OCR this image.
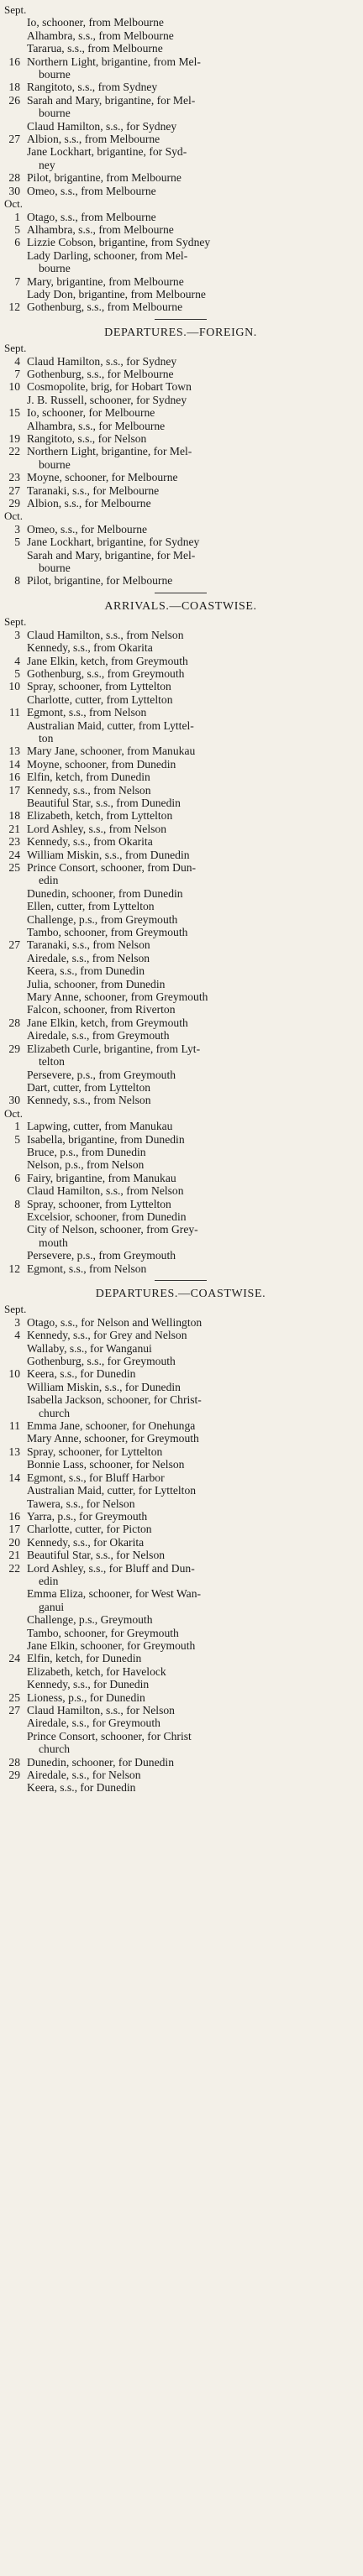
Sept.
Io, schooner, from Melbourne
Alhambra, s.s., from Melbourne
Tararua, s.s., from Melbourne
16 Northern Light, brigantine, from Mel-
bourne
18 Rangitoto, s.s., from Sydney
26 Sarah and Mary, brigantine, for Mel-
bourne
Claud Hamilton, s.s., for Sydney
27 Albion, s.s., from Melbourne
Jane Lockhart, brigantine, for Syd-
ney
28 Pilot, brigantine, from Melbourne
30 Omeo, s.s., from Melbourne
Oct.
1 Otago, s.s., from Melbourne
5 Alhambra, s.s., from Melbourne
6 Lizzie Cobson, brigantine, from Sydney
Lady Darling, schooner, from Mel-
bourne
7 Mary, brigantine, from Melbourne
Lady Don, brigantine, from Melbourne
12 Gothenburg, s.s., from Melbourne
DEPARTURES.—FOREIGN.
Sept.
4 Claud Hamilton, s.s., for Sydney
7 Gothenburg, s.s., for Melbourne
10 Cosmopolite, brig, for Hobart Town
J. B. Russell, schooner, for Sydney
15 Io, schooner, for Melbourne
Alhambra, s.s., for Melbourne
19 Rangitoto, s.s., for Nelson
22 Northern Light, brigantine, for Mel-
bourne
23 Moyne, schooner, for Melbourne
27 Taranaki, s.s., for Melbourne
29 Albion, s.s., for Melbourne
Oct.
3 Omeo, s.s., for Melbourne
5 Jane Lockhart, brigantine, for Sydney
Sarah and Mary, brigantine, for Mel-
bourne
8 Pilot, brigantine, for Melbourne
ARRIVALS.—COASTWISE.
Sept.
3 Claud Hamilton, s.s., from Nelson
Kennedy, s.s., from Okarita
4 Jane Elkin, ketch, from Greymouth
5 Gothenburg, s.s., from Greymouth
10 Spray, schooner, from Lyttelton
Charlotte, cutter, from Lyttelton
11 Egmont, s.s., from Nelson
Australian Maid, cutter, from Lyttel-
ton
13 Mary Jane, schooner, from Manukau
14 Moyne, schooner, from Dunedin
16 Elfin, ketch, from Dunedin
17 Kennedy, s.s., from Nelson
Beautiful Star, s.s., from Dunedin
18 Elizabeth, ketch, from Lyttelton
21 Lord Ashley, s.s., from Nelson
23 Kennedy, s.s., from Okarita
24 William Miskin, s.s., from Dunedin
25 Prince Consort, schooner, from Dun-
edin
Dunedin, schooner, from Dunedin
Ellen, cutter, from Lyttelton
Challenge, p.s., from Greymouth
Tambo, schooner, from Greymouth
27 Taranaki, s.s., from Nelson
Airedale, s.s., from Nelson
Keera, s.s., from Dunedin
Julia, schooner, from Dunedin
Mary Anne, schooner, from Greymouth
Falcon, schooner, from Riverton
28 Jane Elkin, ketch, from Greymouth
Airedale, s.s., from Greymouth
29 Elizabeth Curle, brigantine, from Lyt-
telton
Persevere, p.s., from Greymouth
Dart, cutter, from Lyttelton
30 Kennedy, s.s., from Nelson
Oct.
1 Lapwing, cutter, from Manukau
5 Isabella, brigantine, from Dunedin
Bruce, p.s., from Dunedin
Nelson, p.s., from Nelson
6 Fairy, brigantine, from Manukau
Claud Hamilton, s.s., from Nelson
8 Spray, schooner, from Lyttelton
Excelsior, schooner, from Dunedin
City of Nelson, schooner, from Grey-
mouth
Persevere, p.s., from Greymouth
12 Egmont, s.s., from Nelson
DEPARTURES.—COASTWISE.
Sept.
3 Otago, s.s., for Nelson and Wellington
4 Kennedy, s.s., for Grey and Nelson
Wallaby, s.s., for Wanganui
Gothenburg, s.s., for Greymouth
10 Keera, s.s., for Dunedin
William Miskin, s.s., for Dunedin
Isabella Jackson, schooner, for Christ-
church
11 Emma Jane, schooner, for Onehunga
Mary Anne, schooner, for Greymouth
13 Spray, schooner, for Lyttelton
Bonnie Lass, schooner, for Nelson
14 Egmont, s.s., for Bluff Harbor
Australian Maid, cutter, for Lyttelton
Tawera, s.s., for Nelson
16 Yarra, p.s., for Greymouth
17 Charlotte, cutter, for Picton
20 Kennedy, s.s., for Okarita
21 Beautiful Star, s.s., for Nelson
22 Lord Ashley, s.s., for Bluff and Dun-
edin
Emma Eliza, schooner, for West Wan-
ganui
Challenge, p.s., Greymouth
Tambo, schooner, for Greymouth
Jane Elkin, schooner, for Greymouth
24 Elfin, ketch, for Dunedin
Elizabeth, ketch, for Havelock
Kennedy, s.s., for Dunedin
25 Lioness, p.s., for Dunedin
27 Claud Hamilton, s.s., for Nelson
Airedale, s.s., for Greymouth
Prince Consort, schooner, for Christ
church
28 Dunedin, schooner, for Dunedin
29 Airedale, s.s., for Nelson
Keera, s.s., for Dunedin
